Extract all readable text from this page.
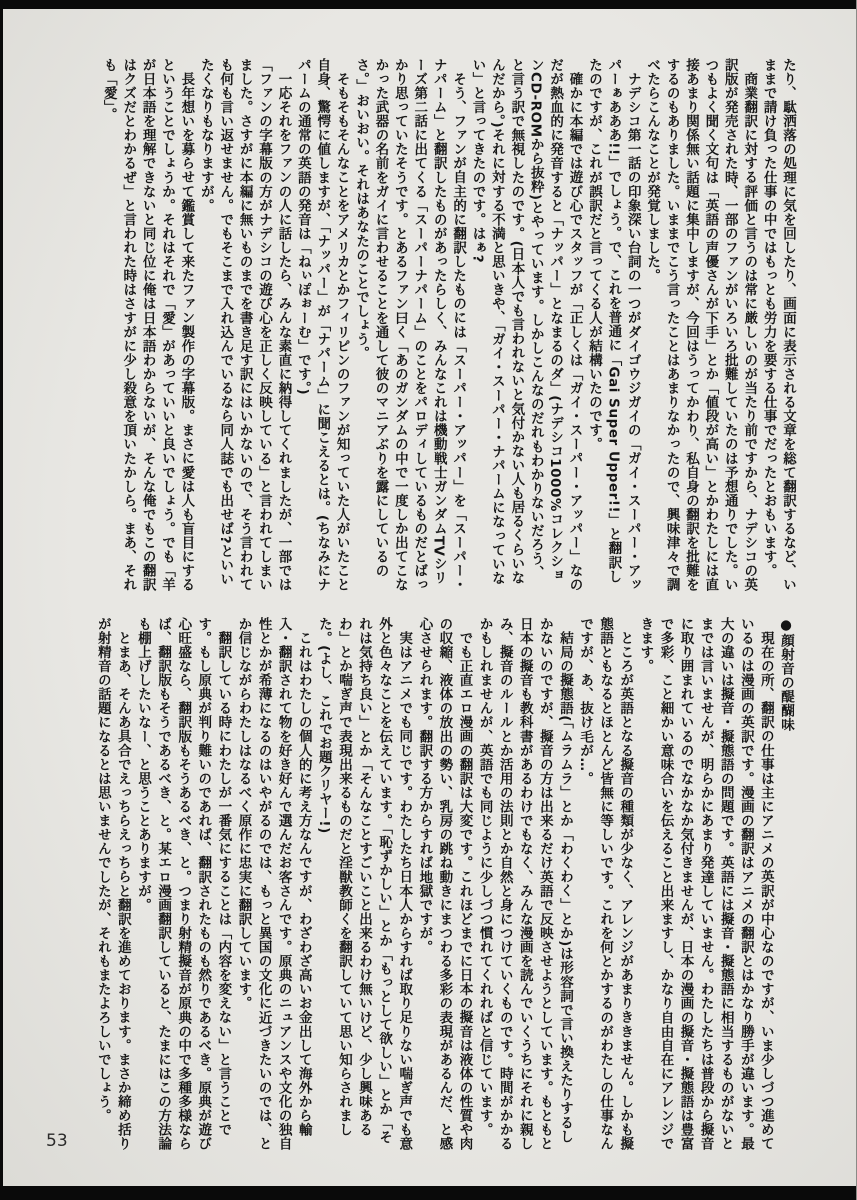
たり、駄洒落の処理に気を回したり、画面に表示される文章を総て翻訳するなど、いままで請け負った仕事の中ではもっとも労力を要する仕事でだったとおもいます。

商業翻訳に対する評価と言うのは常に厳しいのが当たり前ですから、ナデシコの英訳版が発売された時、一部のファンがいろいろ批難していたのは予想通りでした。いつもよく聞く文句は「英語の声優さんが下手」とか「値段が高い」とかわたしには直接あまり関係無い話題に集中しますが、今回はうってかわり、私自身の翻訳を批難をするのもありました。いままでこう言ったことはあまりなかったので、興味津々で調べたらこんなことが発覚しました。

ナデシコ第一話の印象深い台詞の一つがダイゴウジガイの「ガイ・スーパー・アッパーぁあああ!!」でしょう。で、これを普通に「Gai Super Upper!!」と翻訳したのですが、これが誤訳だと言ってくる人が結構いたのです。

確かに本編では遊び心でスタッフが「正しくは「ガイ・スーパー・アッパー」なのだが熱血的に発音すると「ナッパー」となまるのダ」(ナデシコ1000%コレクションCD-ROMから抜粋)とやっています。しかしこんなのだれもわかりないだろう、と言う訳で無視したのです。(日本人でも言われないと気付かない人も居るくらいなんだから。)それに対する不満と思いきや、「ガイ・スーパー・ナパームになっていない」と言ってきたのです。はぁ?

そう、ファンが自主的に翻訳したものには「スーパー・アッパー」を「スーパー・ナパーム」と翻訳したものがあったらしく、みんなこれは機動戦士ガンダムTVシリーズ第二話に出てくる「スーパーナパーム」のことをパロディしているものだとばっかり思っていたそうです。とあるファン曰く「あのガンダムの中で一度しか出てこなかった武器の名前をガイに言わせることを通して彼のマニアぶりを露にしているのさ。」おいおい。それはあなたのことでしょう。

そもそもそんなことをアメリカとかフィリピンのファンが知っていた人がいたこと自身、驚愕に値しますが、「ナッパー」が「ナパーム」に聞こえるとは。(ちなみにナパームの通常の英語の発音は「ねぃぽぉーむ」です。)

一応それをファンの人に話したら、みんな素直に納得してくれましたが、一部では「ファンの字幕版の方がナデシコの遊び心を正しく反映している」と言われてしまいました。さすがに本編に無いものまでを書き足す訳にはいかないので、そう言われても何も言い返せません。でもそこまで入れ込んでいるなら同人誌でも出せば?といいたくなりもなりますが。

長年想いを募らせて鑑賞して来たファン製作の字幕版。まさに愛は人も盲目にするということでしょうか。それはそれで「愛」があっていいと良いでしょう。でも「羊が日本語を理解できないと同じ位に俺は日本語わからないが、そんな俺でもこの翻訳はクズだとわかるぜ」と言われた時はさすがに少し殺意を頂いたかしら。まあ、それも「愛」。

●顔射音の醍醐味

現在の所、翻訳の仕事は主にアニメの英訳が中心なのですが、いま少しづつ進めているのは漫画の英訳です。漫画の翻訳はアニメの翻訳とはかなり勝手が違います。最大の違いは擬音・擬態語の問題です。英語には擬音・擬態語に相当するものがないとまでは言いませんが、明らかにあまり発達していません。わたしたちは普段から擬音に取り囲まれているのでなかなか気付きませんが、日本の漫画の擬音・擬態語は豊富で多彩、こと細かい意味合いを伝えること出来ますし、かなり自由自在にアレンジできます。

ところが英語となる擬音の種類が少なく、アレンジがあまりききません。しかも擬態語ともなるとほとんど皆無に等しいです。これを何とかするのがわたしの仕事なんですが、あ、抜け毛が…。

結局の擬態語(「ムラムラ」とか「わくわく」とか)は形容詞で言い換えたりするしかないのですが、擬音の方は出来るだけ英語で反映させようとしています。もともと日本の擬音も教科書があるわけでもなく、みんな漫画を読んでいくうちにそれに親しみ、擬音のルールとか活用の法則とか自然と身につけていくものです。時間がかかるかもしれませんが、英語でも同じように少しづつ慣れてくれればと信じています。

でも正直エロ漫画の翻訳は大変です。これほどまでに日本の擬音は液体の性質や肉の収縮、液体の放出の勢い、乳房の跳ね動きにまつわる多彩の表現があるんだ、と感心させられます。翻訳する方からすれば地獄ですが。

実はアニメでも同じです。わたしたち日本人からすれば取り足りない喘ぎ声でも意外と色々なことを伝えています。「恥ずかしい」とか「もっとして欲しい」とか「それは気持ち良い」とか「そんなことすごいこと出来るわけ無いけど、少し興味あるわ」とか喘ぎ声で表現出来るものだと淫獣教師くを翻訳していて思い知らされました。(よし、これでお題クリヤー!)

これはわたしの個人的に考え方なんですが、わざわざ高いお金出して海外から輸入・翻訳されて物を好き好んで選んだお客さんです。原典のニュアンスや文化の独自性とかが希薄になるのはいやがるのでは、もっと異国の文化に近づきたいのでは、とか信じながらわたしはなるべく原作に忠実に翻訳しています。

翻訳している時にわたしが一番気にすることは「内容を変えない」と言うことです。もし原典が判り難いのであれば、翻訳されたものも然りであるべき。原典が遊び心旺盛なら、翻訳版もそうあるべき、と。つまり射精擬音が原典の中で多種多様ならば、翻訳版もそうであるべき、と。某エロ漫画翻訳していると、たまにはこの方法論も棚上げしたいなー、と思うことありますが。

とまあ、そんあ具合でえっちらえっちらと翻訳を進めております。まさか締め括りが射精音の話題になるとは思いませんでしたが、それもまたよろしいでしょう。

53
